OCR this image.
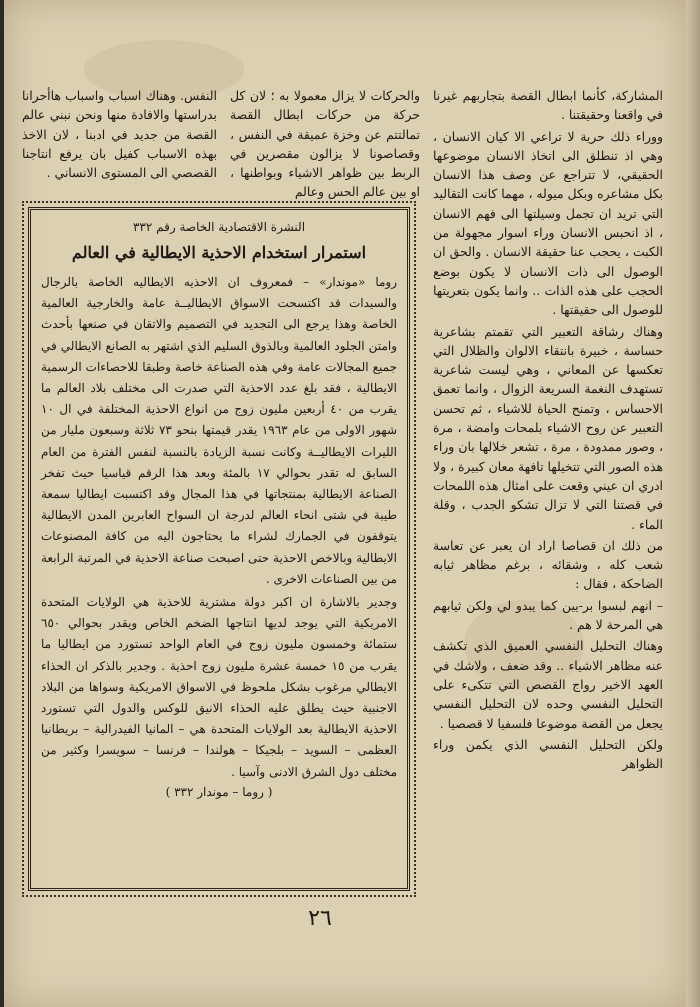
المشاركة، كأنما ابطال القصة بتجاربهم غيرنا في واقعنا وحقيقتنا .

ووراء ذلك حرية لا تراعي الا كيان الانسان ، وهي اذ تنطلق الى اتخاذ الانسان موضوعها الحقيقي، لا تتراجع عن وصف هذا الانسان بكل مشاعره وبكل ميوله ، مهما كانت التقاليد التي تريد ان تجمل وسيلتها الى فهم الانسان ، اذ انحبس الانسان وراء اسوار مجهولة من الكبت ، يحجب عنا حقيقة الانسان . والحق ان الوصول الى ذات الانسان لا يكون بوضع الحجب على هذه الذات .. وانما يكون بتعريتها للوصول الى حقيقتها .

وهناك رشاقة التعبير التي تقمتم بشاعرية حساسة ، خبيرة بانتقاء الالوان والظلال التي تعكسها عن المعاني ، وهي ليست شاعرية تستهدف النغمة السريعة الزوال ، وانما تعمق الاحساس ، وتمنح الحياة للاشياء ، ثم تحسن التعبير عن روح الاشياء بلمحات وامضة ، مرة ، وصور ممدودة ، مرة ، تشعر خلالها بان وراء هذه الصور التي تتخيلها تافهة معان كبيرة ، ولا ادري ان عيني وقعت على امثال هذه اللمحات في قصتنا التي لا تزال تشكو الجدب ، وقلة الماء .

من ذلك ان قصاصا اراد ان يعبر عن تعاسة شعب كله ، وشقائه ، برغم مظاهر ثيابه الضاحكة ، فقال :

– انهم لبسوا بر-يين كما يبدو لي ولكن ثيابهم هي المرحة لا هم .

وهناك التحليل النفسي العميق الذي تكشف عنه مظاهر الاشياء .. وقد ضعف ، ولاشك في العهد الاخير رواج القصص التي تتكىء على التحليل النفسي وحده لان التحليل النفسي يجعل من القصة موضوعا فلسفيا لا قصصيا .

ولكن التحليل النفسي الذي يكمن وراء الظواهر

والحركات لا يزال معمولا به ؛ لان كل حركة من حركات ابطال القصة تمالتتم عن وخزة عميقة في النفس ، وقصاصونا لا يزالون مقصرين في الربط بين ظواهر الاشياء وبواطنها ، او بين عالم الحس وعالم

النفس. وهناك اسباب واسباب هاأحرانا بدراستها والافادة منها ونحن نبني عالم القصة من جديد في ادبنا ، لان الاخذ بهذه الاسباب كفيل بان يرفع انتاجنا القصصي الى المستوى الانساني .

النشرة الاقتصادية الخاصة رقم ٣٣٢
استمرار استخدام الاحذية الايطالية في العالم

روما «موندار» – فمعروف ان الاحذيه الايطاليه الخاصة بالرجال والسيدات قد اكتسحت الاسواق الايطاليــة عامة والخارجية العالمية الخاصة وهذا يرجع الى التجديد في التصميم والاتقان في صنعها بأحدث وامتن الجلود العالمية وبالذوق السليم الذي اشتهر به الصانع الايطالي في جميع المجالات عامة وفي هذه الصناعة خاصة وطبقا للاحصاءات الرسمية الايطالية ، فقد بلغ عدد الاحذية التي صدرت الى مختلف بلاد العالم ما يقرب من ٤٠ أربعين مليون زوج من انواع الاحذية المختلفة في ال ١٠ شهور الاولى من عام ١٩٦٣ يقدر قيمتها بنحو ٧٣ ثلاثة وسبعون مليار من الليرات الايطاليــة وكانت نسبة الزيادة بالنسبة لنفس الفترة من العام السابق له تقدر بحوالي ١٧ بالمئة وبعد هذا الرقم قياسيا حيث تفخر الصناعة الايطالية بمنتجاتها في هذا المجال وقد اكتسبت ايطاليا سمعة طيبة في شتى انحاء العالم لدرجة ان السواح العابرين المدن الايطالية يتوقفون في الجمارك لشراء ما يحتاجون اليه من كافة المصنوعات الايطالية وبالاخص الاحذية حتى اصبحت صناعة الاحذية في المرتبة الرابعة من بين الصناعات الاخرى .

وجدير بالاشارة ان اكبر دولة مشترية للاحذية هي الولايات المتحدة الامريكية التي يوجد لديها انتاجها الضخم الخاص ويقدر بحوالي ٦٥٠ ستمائة وخمسون مليون زوج في العام الواحد تستورد من ايطاليا ما يقرب من ١٥ خمسة عشرة مليون زوج احذية . وجدير بالذكر ان الحذاء الايطالي مرغوب بشكل ملحوظ في الاسواق الامريكية وسواها من البلاد الاجنبية حيث يطلق عليه الحذاء الانيق للوكس والدول التي تستورد الاحذية الايطالية بعد الولايات المتحدة هي – المانيا الفيدرالية – بريطانيا العظمى – السويد – بلجيكا – هولندا – فرنسا – سويسرا وكثير من مختلف دول الشرق الادنى وآسيا .

( روما – موندار ٣٣٢ )
٢٦
